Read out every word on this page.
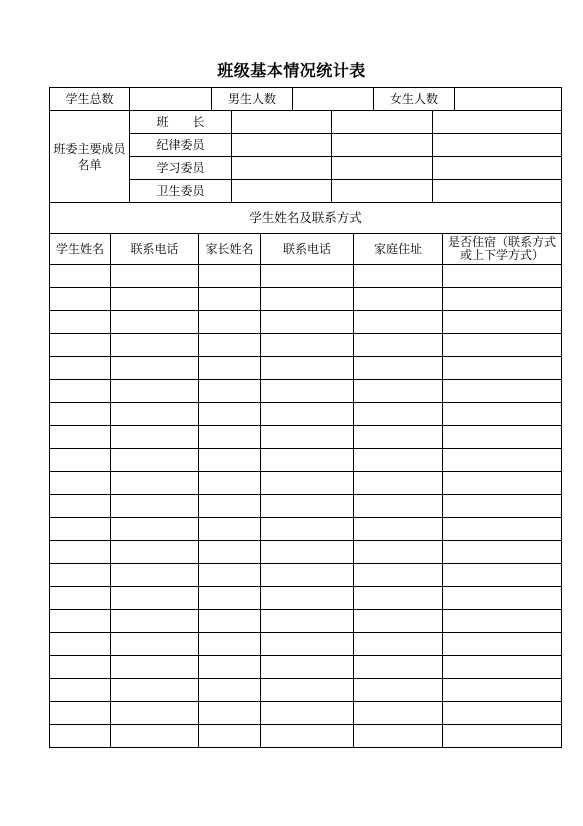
班级基本情况统计表
学生总数		男生人数		女生人数	
班委主要成员名单	班　　长			
	纪律委员			
	学习委员			
	卫生委员			
学生姓名及联系方式					
学生姓名	联系电话	家长姓名	联系电话	家庭住址	是否住宿（联系方式或上下学方式）
